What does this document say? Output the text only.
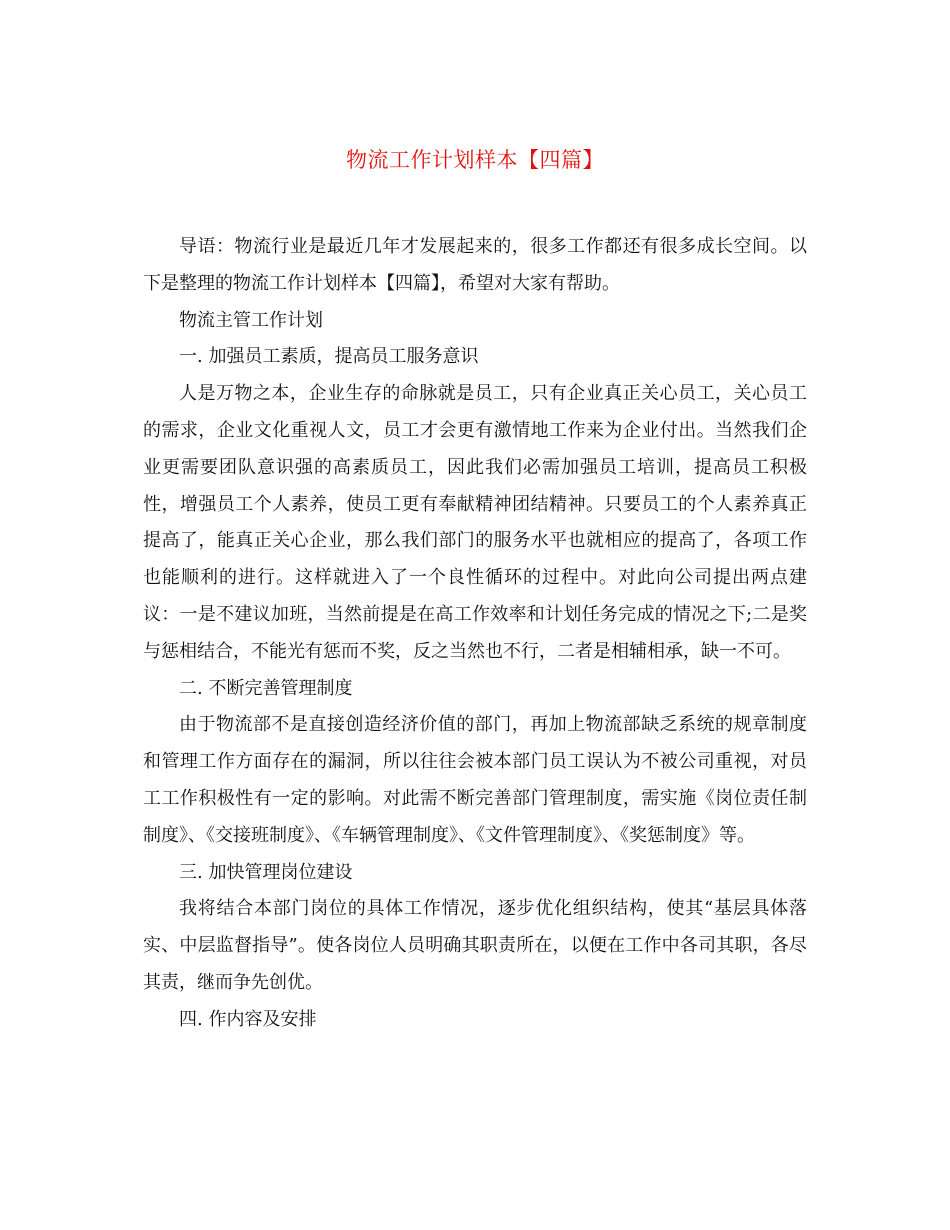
物流工作计划样本【四篇】

导语：物流行业是最近几年才发展起来的，很多工作都还有很多成长空间。以下是整理的物流工作计划样本【四篇】，希望对大家有帮助。

物流主管工作计划

一. 加强员工素质，提高员工服务意识

人是万物之本，企业生存的命脉就是员工，只有企业真正关心员工，关心员工的需求，企业文化重视人文，员工才会更有激情地工作来为企业付出。当然我们企业更需要团队意识强的高素质员工，因此我们必需加强员工培训，提高员工积极性，增强员工个人素养，使员工更有奉献精神团结精神。只要员工的个人素养真正提高了，能真正关心企业，那么我们部门的服务水平也就相应的提高了，各项工作也能顺利的进行。这样就进入了一个良性循环的过程中。对此向公司提出两点建议：一是不建议加班，当然前提是在高工作效率和计划任务完成的情况之下;二是奖与惩相结合，不能光有惩而不奖，反之当然也不行，二者是相辅相承，缺一不可。

二. 不断完善管理制度

由于物流部不是直接创造经济价值的部门，再加上物流部缺乏系统的规章制度和管理工作方面存在的漏洞，所以往往会被本部门员工误认为不被公司重视，对员工工作积极性有一定的影响。对此需不断完善部门管理制度，需实施《岗位责任制制度》、《交接班制度》、《车辆管理制度》、《文件管理制度》、《奖惩制度》等。

三. 加快管理岗位建设

我将结合本部门岗位的具体工作情况，逐步优化组织结构，使其“基层具体落实、中层监督指导”。使各岗位人员明确其职责所在，以便在工作中各司其职，各尽其责，继而争先创优。

四. 作内容及安排
